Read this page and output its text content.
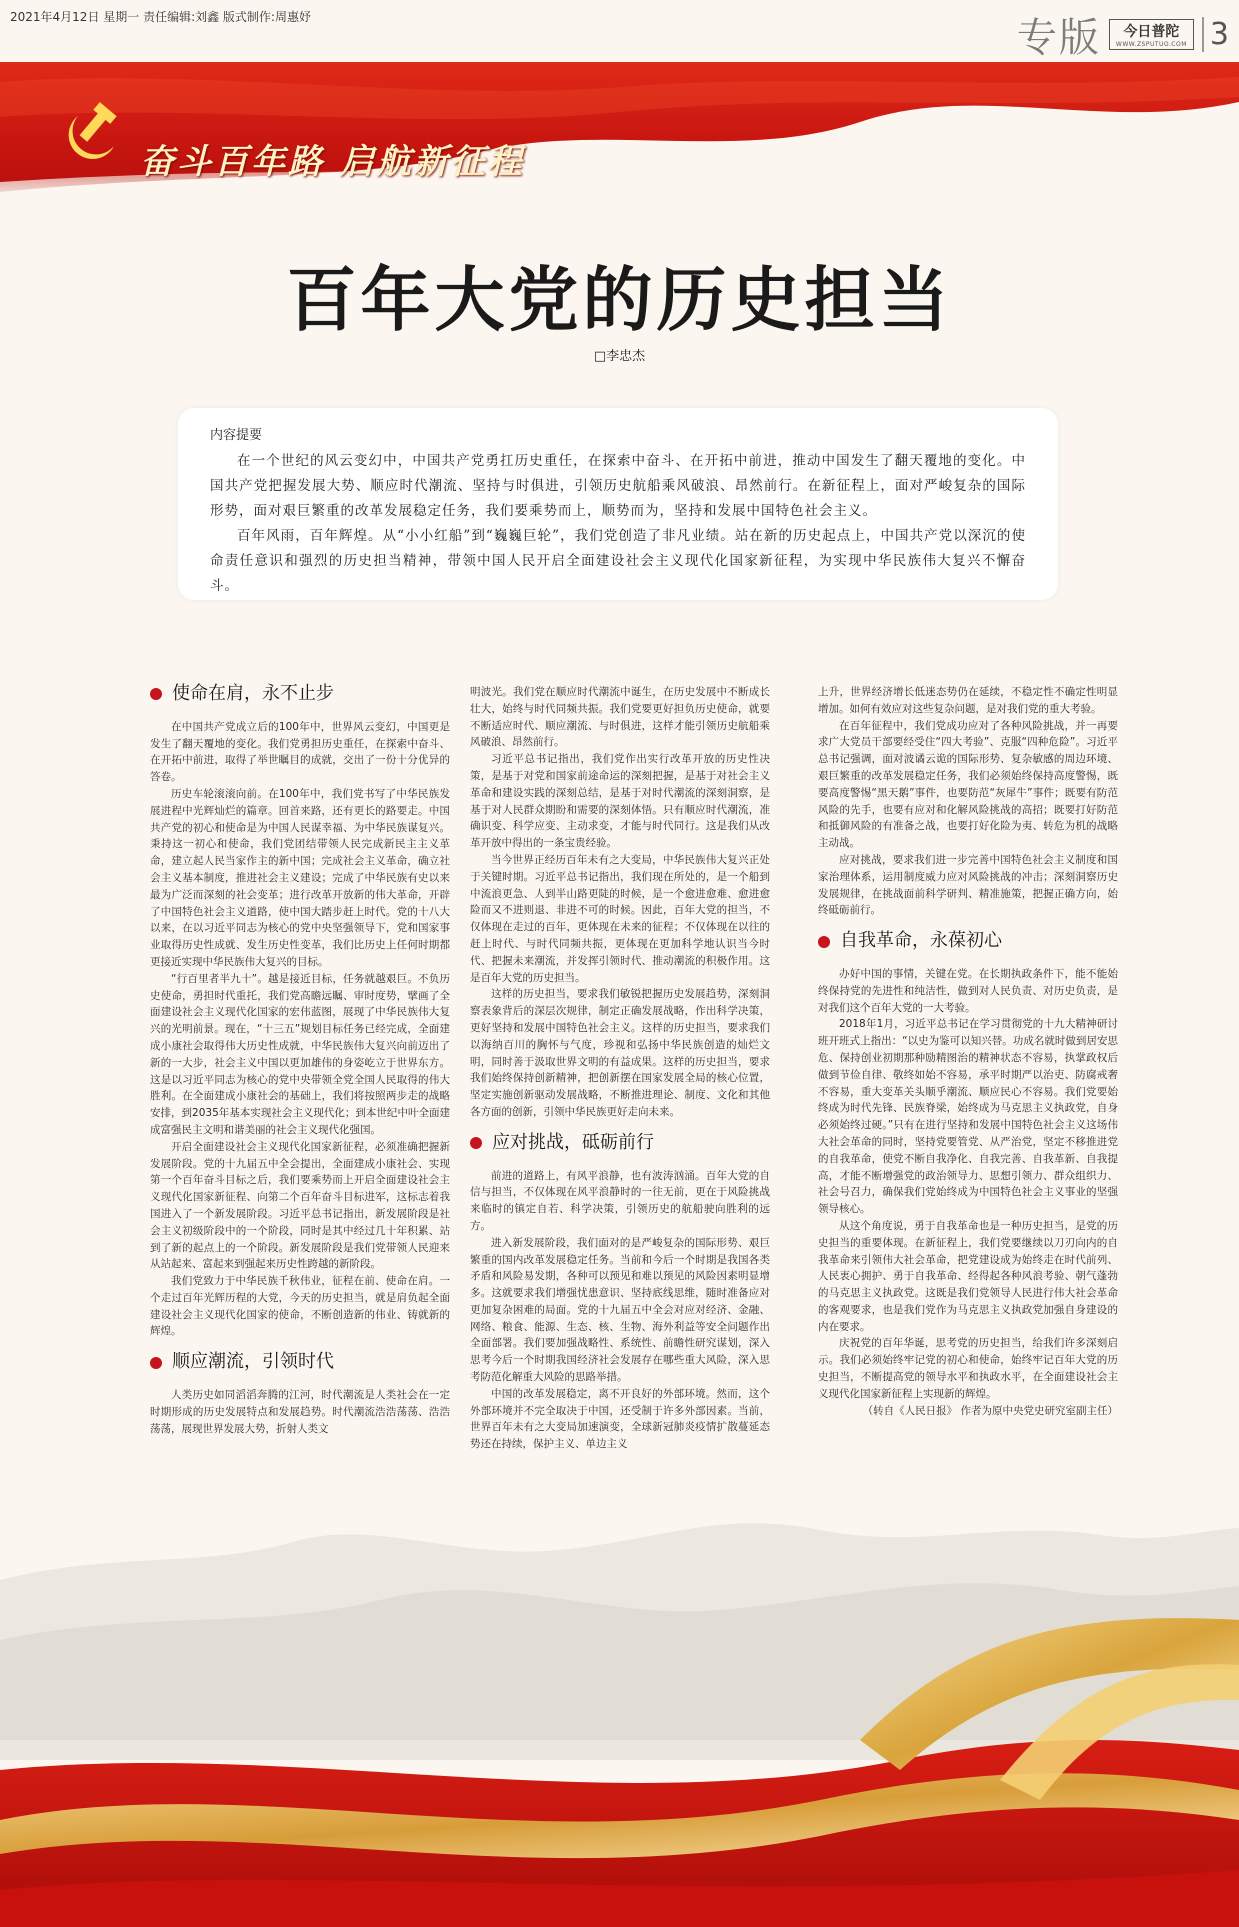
2021年4月12日 星期一 责任编辑:刘鑫 版式制作:周惠妤	专版	今日普陀
WWW.ZSPUTUO.COM 3
奋斗百年路 启航新征程
百年大党的历史担当
□李忠杰
内容提要

在一个世纪的风云变幻中，中国共产党勇扛历史重任，在探索中奋斗、在开拓中前进，推动中国发生了翻天覆地的变化。中国共产党把握发展大势、顺应时代潮流、坚持与时俱进，引领历史航船乘风破浪、昂然前行。在新征程上，面对严峻复杂的国际形势，面对艰巨繁重的改革发展稳定任务，我们要乘势而上，顺势而为，坚持和发展中国特色社会主义。

百年风雨，百年辉煌。从“小小红船”到“巍巍巨轮”，我们党创造了非凡业绩。站在新的历史起点上，中国共产党以深沉的使命责任意识和强烈的历史担当精神，带领中国人民开启全面建设社会主义现代化国家新征程，为实现中华民族伟大复兴不懈奋斗。

使命在肩，永不止步

在中国共产党成立后的100年中，世界风云变幻，中国更是发生了翻天覆地的变化。我们党勇担历史重任，在探索中奋斗、在开拓中前进，取得了举世瞩目的成就，交出了一份十分优异的答卷。

历史车轮滚滚向前。在100年中，我们党书写了中华民族发展进程中光辉灿烂的篇章。回首来路，还有更长的路要走。中国共产党的初心和使命是为中国人民谋幸福、为中华民族谋复兴。秉持这一初心和使命，我们党团结带领人民完成新民主主义革命，建立起人民当家作主的新中国；完成社会主义革命，确立社会主义基本制度，推进社会主义建设；完成了中华民族有史以来最为广泛而深刻的社会变革；进行改革开放新的伟大革命，开辟了中国特色社会主义道路，使中国大踏步赶上时代。党的十八大以来，在以习近平同志为核心的党中央坚强领导下，党和国家事业取得历史性成就、发生历史性变革，我们比历史上任何时期都更接近实现中华民族伟大复兴的目标。

“行百里者半九十”。越是接近目标，任务就越艰巨。不负历史使命，勇担时代重托，我们党高瞻远瞩、审时度势，擘画了全面建设社会主义现代化国家的宏伟蓝图，展现了中华民族伟大复兴的光明前景。现在，“十三五”规划目标任务已经完成，全面建成小康社会取得伟大历史性成就，中华民族伟大复兴向前迈出了新的一大步，社会主义中国以更加雄伟的身姿屹立于世界东方。这是以习近平同志为核心的党中央带领全党全国人民取得的伟大胜利。在全面建成小康社会的基础上，我们将按照两步走的战略安排，到2035年基本实现社会主义现代化；到本世纪中叶全面建成富强民主文明和谐美丽的社会主义现代化强国。

开启全面建设社会主义现代化国家新征程，必须准确把握新发展阶段。党的十九届五中全会提出，全面建成小康社会、实现第一个百年奋斗目标之后，我们要乘势而上开启全面建设社会主义现代化国家新征程、向第二个百年奋斗目标进军，这标志着我国进入了一个新发展阶段。习近平总书记指出，新发展阶段是社会主义初级阶段中的一个阶段，同时是其中经过几十年积累、站到了新的起点上的一个阶段。新发展阶段是我们党带领人民迎来从站起来、富起来到强起来历史性跨越的新阶段。

我们党致力于中华民族千秋伟业，征程在前、使命在肩。一个走过百年光辉历程的大党，今天的历史担当，就是肩负起全面建设社会主义现代化国家的使命，不断创造新的伟业、铸就新的辉煌。

顺应潮流，引领时代

人类历史如同滔滔奔腾的江河，时代潮流是人类社会在一定时期形成的历史发展特点和发展趋势。时代潮流浩浩荡荡、浩浩荡荡，展现世界发展大势，折射人类文

明波光。我们党在顺应时代潮流中诞生，在历史发展中不断成长壮大，始终与时代同频共振。我们党要更好担负历史使命，就要不断适应时代、顺应潮流、与时俱进，这样才能引领历史航船乘风破浪、昂然前行。

习近平总书记指出，我们党作出实行改革开放的历史性决策，是基于对党和国家前途命运的深刻把握，是基于对社会主义革命和建设实践的深刻总结，是基于对时代潮流的深刻洞察，是基于对人民群众期盼和需要的深刻体悟。只有顺应时代潮流，准确识变、科学应变、主动求变，才能与时代同行。这是我们从改革开放中得出的一条宝贵经验。

当今世界正经历百年未有之大变局，中华民族伟大复兴正处于关键时期。习近平总书记指出，我们现在所处的，是一个船到中流浪更急、人到半山路更陡的时候，是一个愈进愈难、愈进愈险而又不进则退、非进不可的时候。因此，百年大党的担当，不仅体现在走过的百年，更体现在未来的征程；不仅体现在以往的赶上时代、与时代同频共振，更体现在更加科学地认识当今时代、把握未来潮流，并发挥引领时代、推动潮流的积极作用。这是百年大党的历史担当。

这样的历史担当，要求我们敏锐把握历史发展趋势，深刻洞察表象背后的深层次规律，制定正确发展战略，作出科学决策，更好坚持和发展中国特色社会主义。这样的历史担当，要求我们以海纳百川的胸怀与气度，珍视和弘扬中华民族创造的灿烂文明，同时善于汲取世界文明的有益成果。这样的历史担当，要求我们始终保持创新精神，把创新摆在国家发展全局的核心位置，坚定实施创新驱动发展战略，不断推进理论、制度、文化和其他各方面的创新，引领中华民族更好走向未来。

应对挑战，砥砺前行

前进的道路上，有风平浪静，也有波涛汹涌。百年大党的自信与担当，不仅体现在风平浪静时的一往无前，更在于风险挑战来临时的镇定自若、科学决策，引领历史的航船驶向胜利的远方。

进入新发展阶段，我们面对的是严峻复杂的国际形势、艰巨繁重的国内改革发展稳定任务。当前和今后一个时期是我国各类矛盾和风险易发期，各种可以预见和难以预见的风险因素明显增多。这就要求我们增强忧患意识、坚持底线思维，随时准备应对更加复杂困难的局面。党的十九届五中全会对应对经济、金融、网络、粮食、能源、生态、核、生物、海外利益等安全问题作出全面部署。我们要加强战略性、系统性、前瞻性研究谋划，深入思考今后一个时期我国经济社会发展存在哪些重大风险，深入思考防范化解重大风险的思路举措。

中国的改革发展稳定，离不开良好的外部环境。然而，这个外部环境并不完全取决于中国，还受制于许多外部因素。当前，世界百年未有之大变局加速演变，全球新冠肺炎疫情扩散蔓延态势还在持续，保护主义、单边主义

上升，世界经济增长低迷态势仍在延续，不稳定性不确定性明显增加。如何有效应对这些复杂问题，是对我们党的重大考验。

在百年征程中，我们党成功应对了各种风险挑战，并一再要求广大党员干部要经受住“四大考验”、克服“四种危险”。习近平总书记强调，面对波谲云诡的国际形势、复杂敏感的周边环境、艰巨繁重的改革发展稳定任务，我们必须始终保持高度警惕，既要高度警惕“黑天鹅”事件，也要防范“灰犀牛”事件；既要有防范风险的先手，也要有应对和化解风险挑战的高招；既要打好防范和抵御风险的有准备之战，也要打好化险为夷、转危为机的战略主动战。

应对挑战，要求我们进一步完善中国特色社会主义制度和国家治理体系，运用制度威力应对风险挑战的冲击；深刻洞察历史发展规律，在挑战面前科学研判、精准施策，把握正确方向，始终砥砺前行。

自我革命，永葆初心

办好中国的事情，关键在党。在长期执政条件下，能不能始终保持党的先进性和纯洁性，做到对人民负责、对历史负责，是对我们这个百年大党的一大考验。

2018年1月，习近平总书记在学习贯彻党的十九大精神研讨班开班式上指出：“以史为鉴可以知兴替。功成名就时做到居安思危、保持创业初期那种励精图治的精神状态不容易，执掌政权后做到节俭自律、敬终如始不容易，承平时期严以治吏、防腐戒奢不容易，重大变革关头顺乎潮流、顺应民心不容易。我们党要始终成为时代先锋、民族脊梁，始终成为马克思主义执政党，自身必须始终过硬。”只有在进行坚持和发展中国特色社会主义这场伟大社会革命的同时，坚持党要管党、从严治党，坚定不移推进党的自我革命，使党不断自我净化、自我完善、自我革新、自我提高，才能不断增强党的政治领导力、思想引领力、群众组织力、社会号召力，确保我们党始终成为中国特色社会主义事业的坚强领导核心。

从这个角度说，勇于自我革命也是一种历史担当，是党的历史担当的重要体现。在新征程上，我们党要继续以刀刃向内的自我革命来引领伟大社会革命，把党建设成为始终走在时代前列、人民衷心拥护、勇于自我革命、经得起各种风浪考验、朝气蓬勃的马克思主义执政党。这既是我们党领导人民进行伟大社会革命的客观要求，也是我们党作为马克思主义执政党加强自身建设的内在要求。

庆祝党的百年华诞，思考党的历史担当，给我们许多深刻启示。我们必须始终牢记党的初心和使命，始终牢记百年大党的历史担当，不断提高党的领导水平和执政水平，在全面建设社会主义现代化国家新征程上实现新的辉煌。

（转自《人民日报》 作者为原中央党史研究室副主任）
